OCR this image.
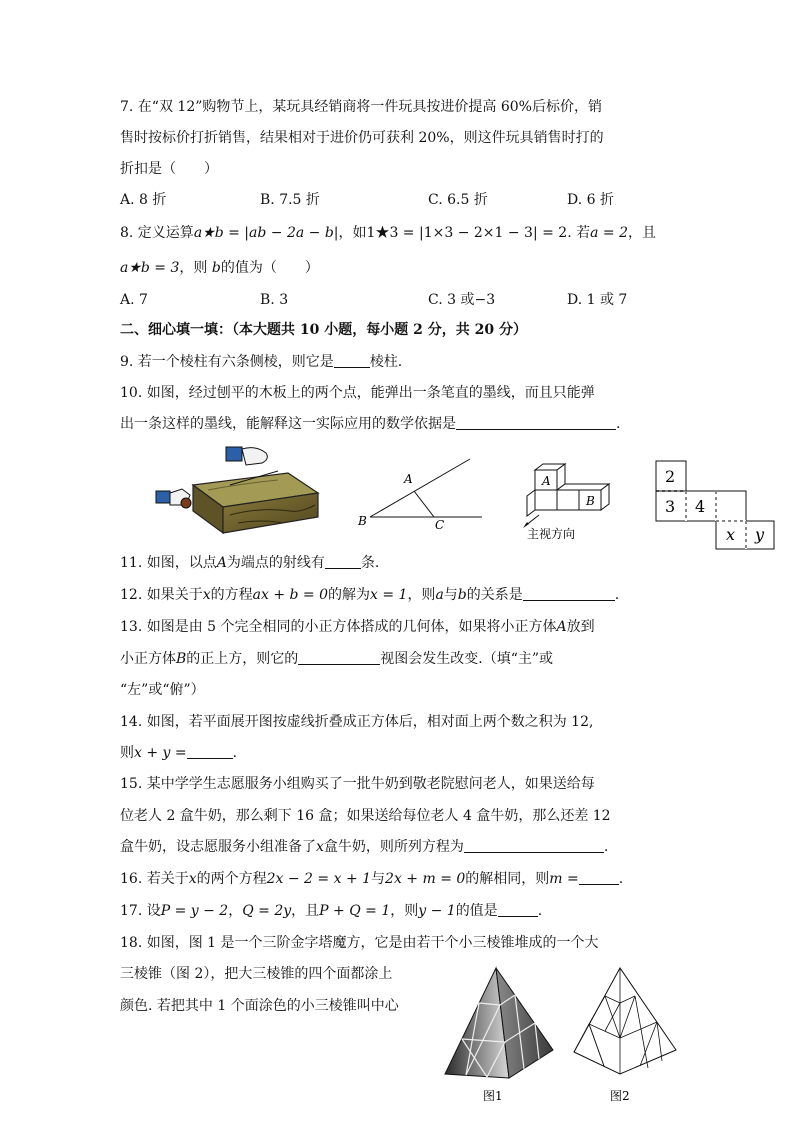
7. 在“双 12”购物节上，某玩具经销商将一件玩具按进价提高 60%后标价，销
售时按标价打折销售，结果相对于进价仍可获利 20%，则这件玩具销售时打的
折扣是（　　）
A. 8 折	B. 7.5 折	C. 6.5 折	D. 6 折
8. 定义运算a★b = |ab − 2a − b|，如1★3 = |1×3 − 2×1 − 3| = 2. 若a = 2，且
a★b = 3，则 b的值为（　　）
A. 7	B. 3	C. 3 或−3	D. 1 或 7
二、细心填一填：（本大题共 10 小题，每小题 2 分，共 20 分）
9. 若一个棱柱有六条侧棱，则它是	棱柱.
10. 如图，经过刨平的木板上的两个点，能弹出一条笔直的墨线，而且只能弹
出一条这样的墨线，能解释这一实际应用的数学依据是	.
A
B	C
A
B
主视方向
2
3 4
x y
11. 如图，以点A为端点的射线有	条.
12. 如果关于x的方程ax + b = 0的解为x = 1，则a与b的关系是	.
13. 如图是由 5 个完全相同的小正方体搭成的几何体，如果将小正方体A放到
小正方体B的正上方，则它的	视图会发生改变.（填“主”或
“左”或“俯”）
14. 如图，若平面展开图按虚线折叠成正方体后，相对面上两个数之积为 12,
则x + y =	.
15. 某中学学生志愿服务小组购买了一批牛奶到敬老院慰问老人，如果送给每
位老人 2 盒牛奶，那么剩下 16 盒；如果送给每位老人 4 盒牛奶，那么还差 12
盒牛奶，设志愿服务小组准备了x盒牛奶，则所列方程为	.
16. 若关于x的两个方程2x − 2 = x + 1与2x + m = 0的解相同，则m =	.
17. 设P = y − 2，Q = 2y，且P + Q = 1，则y − 1的值是	.
18. 如图，图 1 是一个三阶金字塔魔方，它是由若干个小三棱锥堆成的一个大
三棱锥（图 2），把大三棱锥的四个面都涂上
颜色. 若把其中 1 个面涂色的小三棱锥叫中心
图1	图2
